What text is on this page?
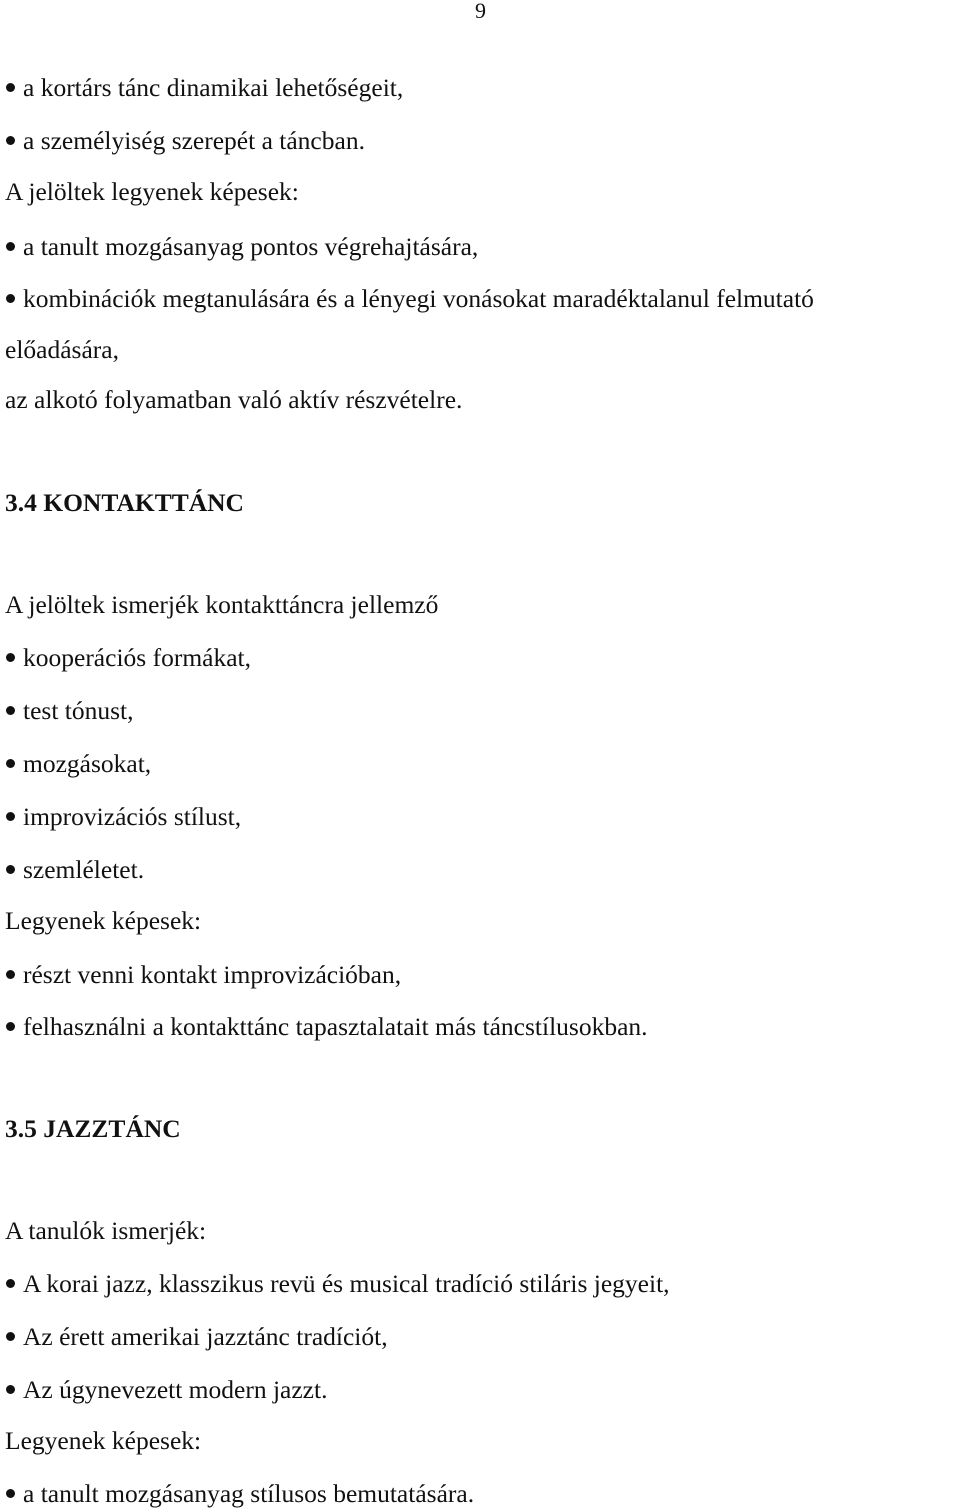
9
a kortárs tánc dinamikai lehetőségeit,
a személyiség szerepét a táncban.
A jelöltek legyenek képesek:
a tanult mozgásanyag pontos végrehajtására,
kombinációk megtanulására és a lényegi vonásokat maradéktalanul felmutató
előadására,
az alkotó folyamatban való aktív részvételre.
3.4 KONTAKTTÁNC
A jelöltek ismerjék kontakttáncra jellemző
kooperációs formákat,
test tónust,
mozgásokat,
improvizációs stílust,
szemléletet.
Legyenek képesek:
részt venni kontakt improvizációban,
felhasználni a kontakttánc tapasztalatait más táncstílusokban.
3.5 JAZZTÁNC
A tanulók ismerjék:
A korai jazz, klasszikus revü és musical tradíció stiláris jegyeit,
Az érett amerikai jazztánc tradíciót,
Az úgynevezett modern jazzt.
Legyenek képesek:
a tanult mozgásanyag stílusos bemutatására.
